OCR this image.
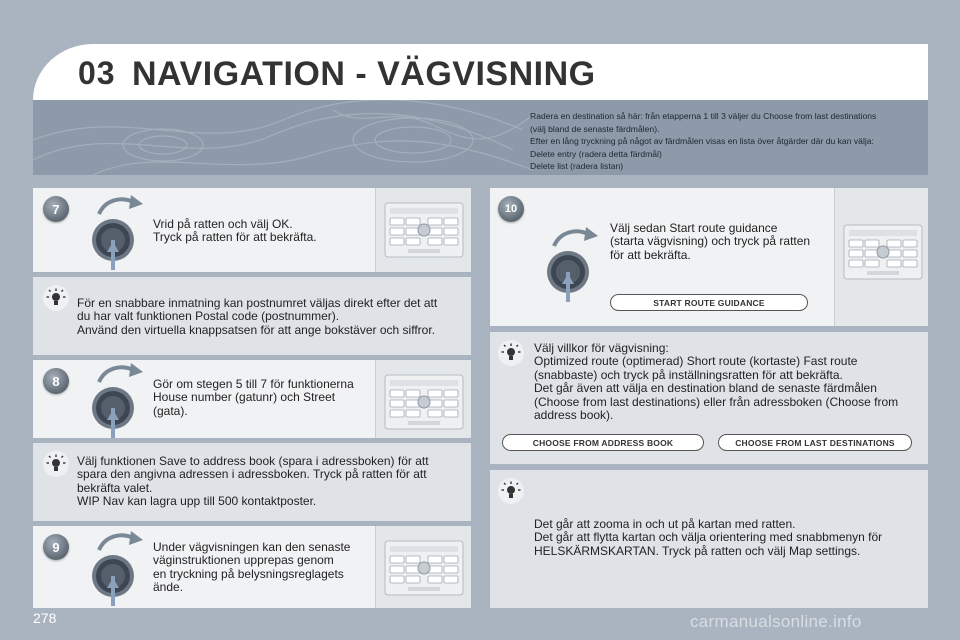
03 NAVIGATION - VÄGVISNING
Radera en destination så här: från etapperna 1 till 3 väljer du Choose from last destinations
(välj bland de senaste färdmålen).
Efter en lång tryckning på något av färdmålen visas en lista över åtgärder där du kan välja:
Delete entry (radera detta färdmål)
Delete list (radera listan)
7
Vrid på ratten och välj OK.
Tryck på ratten för att bekräfta.
För en snabbare inmatning kan postnumret väljas direkt efter det att
du har valt funktionen Postal code (postnummer).
Använd den virtuella knappsatsen för att ange bokstäver och siffror.
8	Gör om stegen 5 till 7 för funktionerna
House number (gatunr) och Street
(gata).
Välj funktionen Save to address book (spara i adressboken) för att
spara den angivna adressen i adressboken. Tryck på ratten för att
bekräfta valet.
WIP Nav kan lagra upp till 500 kontaktposter.
9	Under vägvisningen kan den senaste
väginstruktionen upprepas genom
en tryckning på belysningsreglagets
ände.
10
Välj sedan Start route guidance
(starta vägvisning) och tryck på ratten
för att bekräfta.
START ROUTE GUIDANCE
Välj villkor för vägvisning:
Optimized route (optimerad) Short route (kortaste) Fast route
(snabbaste) och tryck på inställningsratten för att bekräfta.
Det går även att välja en destination bland de senaste färdmålen
(Choose from last destinations) eller från adressboken (Choose from
address book).
CHOOSE FROM ADDRESS BOOK	CHOOSE FROM LAST DESTINATIONS
Det går att zooma in och ut på kartan med ratten.
Det går att flytta kartan och välja orientering med snabbmenyn för
HELSKÄRMSKARTAN. Tryck på ratten och välj Map settings.
278	carmanualsonline.info
